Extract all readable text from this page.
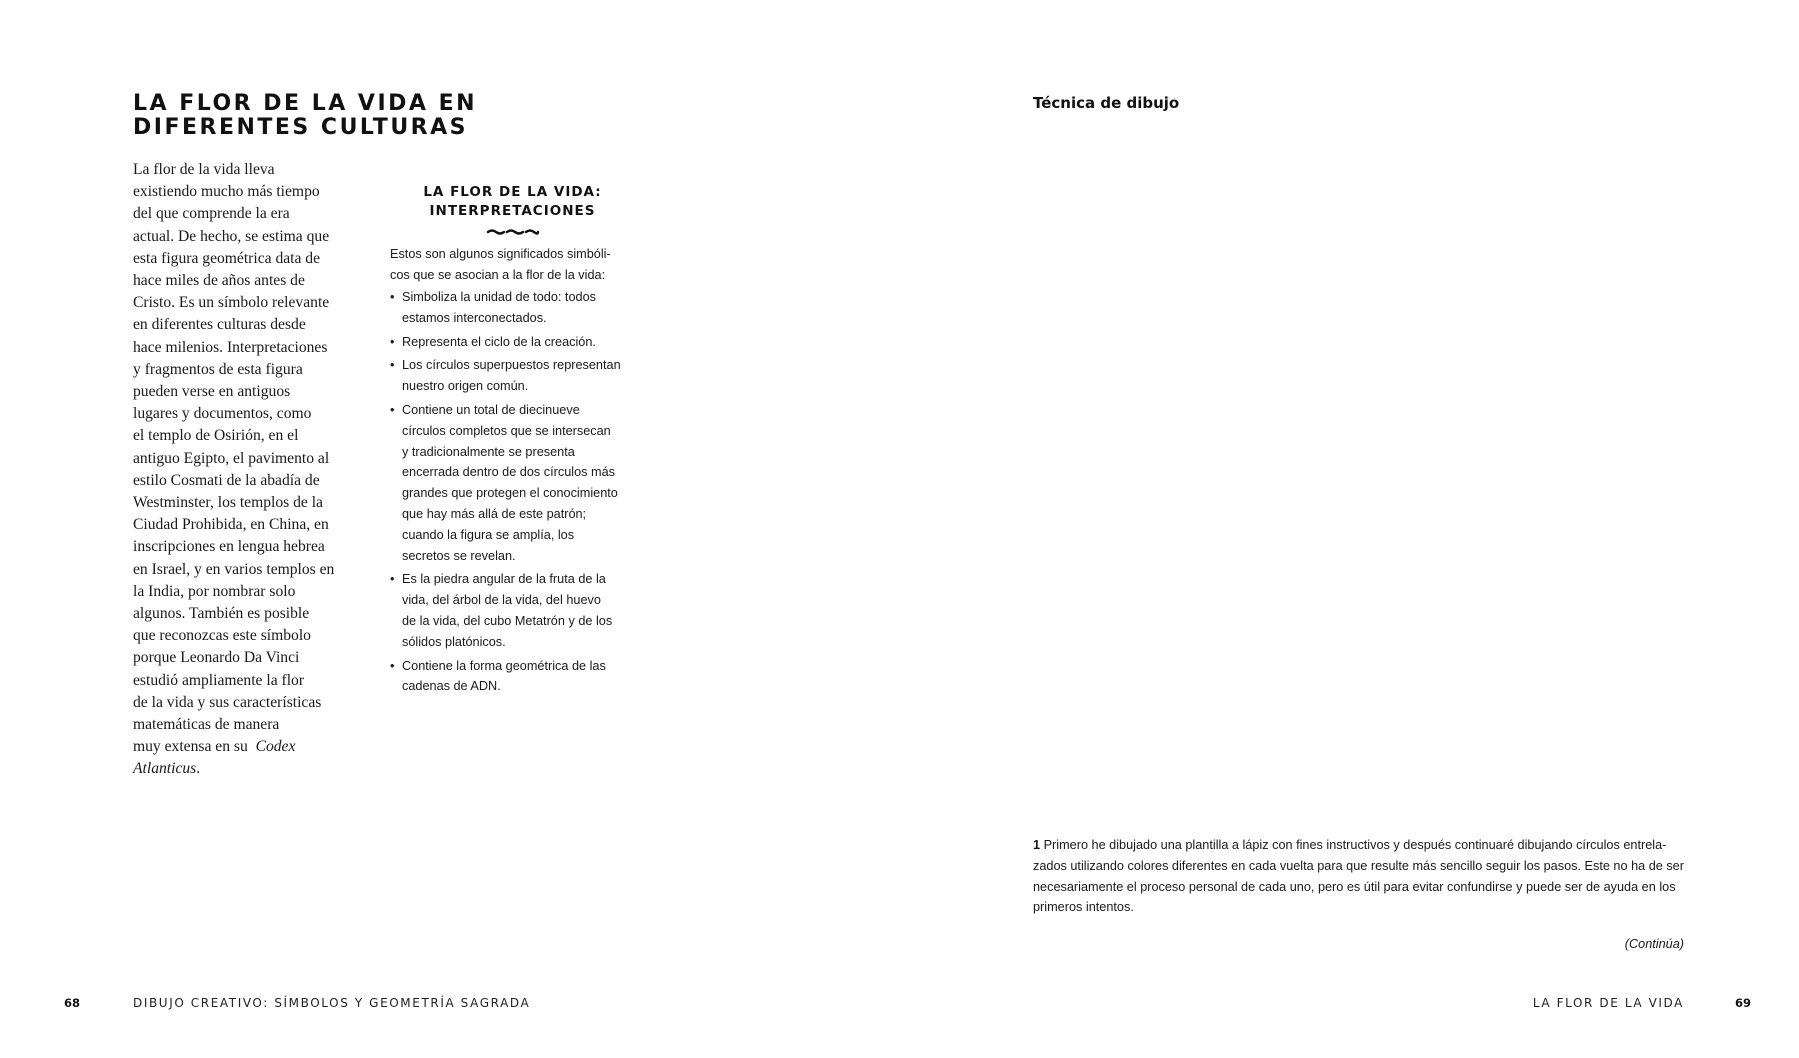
LA FLOR DE LA VIDA EN
DIFERENTES CULTURAS

La flor de la vida lleva
existiendo mucho más tiempo
del que comprende la era
actual. De hecho, se estima que
esta figura geométrica data de
hace miles de años antes de
Cristo. Es un símbolo relevante
en diferentes culturas desde
hace milenios. Interpretaciones
y fragmentos de esta figura
pueden verse en antiguos
lugares y documentos, como
el templo de Osirión, en el
antiguo Egipto, el pavimento al
estilo Cosmati de la abadía de
Westminster, los templos de la
Ciudad Prohibida, en China, en
inscripciones en lengua hebrea
en Israel, y en varios templos en
la India, por nombrar solo
algunos. También es posible
que reconozcas este símbolo
porque Leonardo Da Vinci
estudió ampliamente la flor
de la vida y sus características
matemáticas de manera
muy extensa en su Codex
Atlanticus.

LA FLOR DE LA VIDA:
INTERPRETACIONES

Estos son algunos significados simbóli-
cos que se asocian a la flor de la vida:

• Simboliza la unidad de todo: todos
estamos interconectados.
• Representa el ciclo de la creación.
• Los círculos superpuestos representan
nuestro origen común.
• Contiene un total de diecinueve
círculos completos que se intersecan
y tradicionalmente se presenta
encerrada dentro de dos círculos más
grandes que protegen el conocimiento
que hay más allá de este patrón;
cuando la figura se amplía, los
secretos se revelan.
• Es la piedra angular de la fruta de la
vida, del árbol de la vida, del huevo
de la vida, del cubo Metatrón y de los
sólidos platónicos.
• Contiene la forma geométrica de las
cadenas de ADN.
68	DIBUJO CREATIVO: SÍMBOLOS Y GEOMETRÍA SAGRADA
Técnica de dibujo

1 Primero he dibujado una plantilla a lápiz con fines instructivos y después continuaré dibujando círculos entrela-
zados utilizando colores diferentes en cada vuelta para que resulte más sencillo seguir los pasos. Este no ha de ser
necesariamente el proceso personal de cada uno, pero es útil para evitar confundirse y puede ser de ayuda en los
primeros intentos.

(Continúa)

LA FLOR DE LA VIDA	69
